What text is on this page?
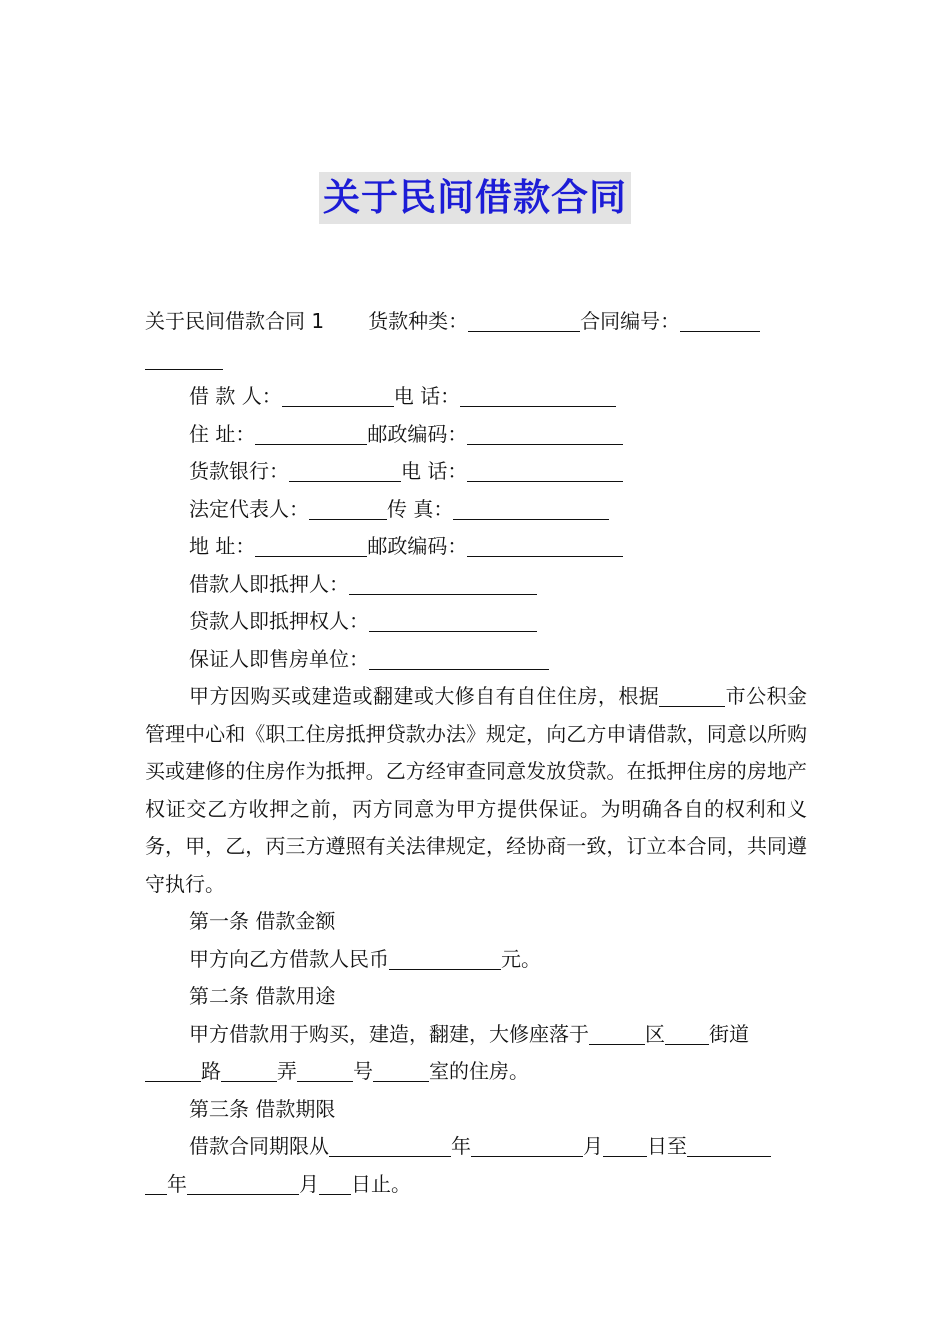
关于民间借款合同
关于民间借款合同 1 货款种类：	合同编号：
借 款 人：	电 话：
住 址：	邮政编码：
货款银行：	电 话：
法定代表人：	传 真：
地 址：	邮政编码：
借款人即抵押人：
贷款人即抵押权人：
保证人即售房单位：
甲方因购买或建造或翻建或大修自有自住住房，根据	市公积金管理中心和《职工住房抵押贷款办法》规定，向乙方申请借款，同意以所购买或建修的住房作为抵押。乙方经审查同意发放贷款。在抵押住房的房地产权证交乙方收押之前，丙方同意为甲方提供保证。为明确各自的权利和义务，甲，乙，丙三方遵照有关法律规定，经协商一致，订立本合同，共同遵守执行。
第一条 借款金额
甲方向乙方借款人民币	元。
第二条 借款用途
甲方借款用于购买，建造，翻建，大修座落于	区 街道
路	弄	号	室的住房。
第三条 借款期限
借款合同期限从	年	月 日至
年	月 日止。
